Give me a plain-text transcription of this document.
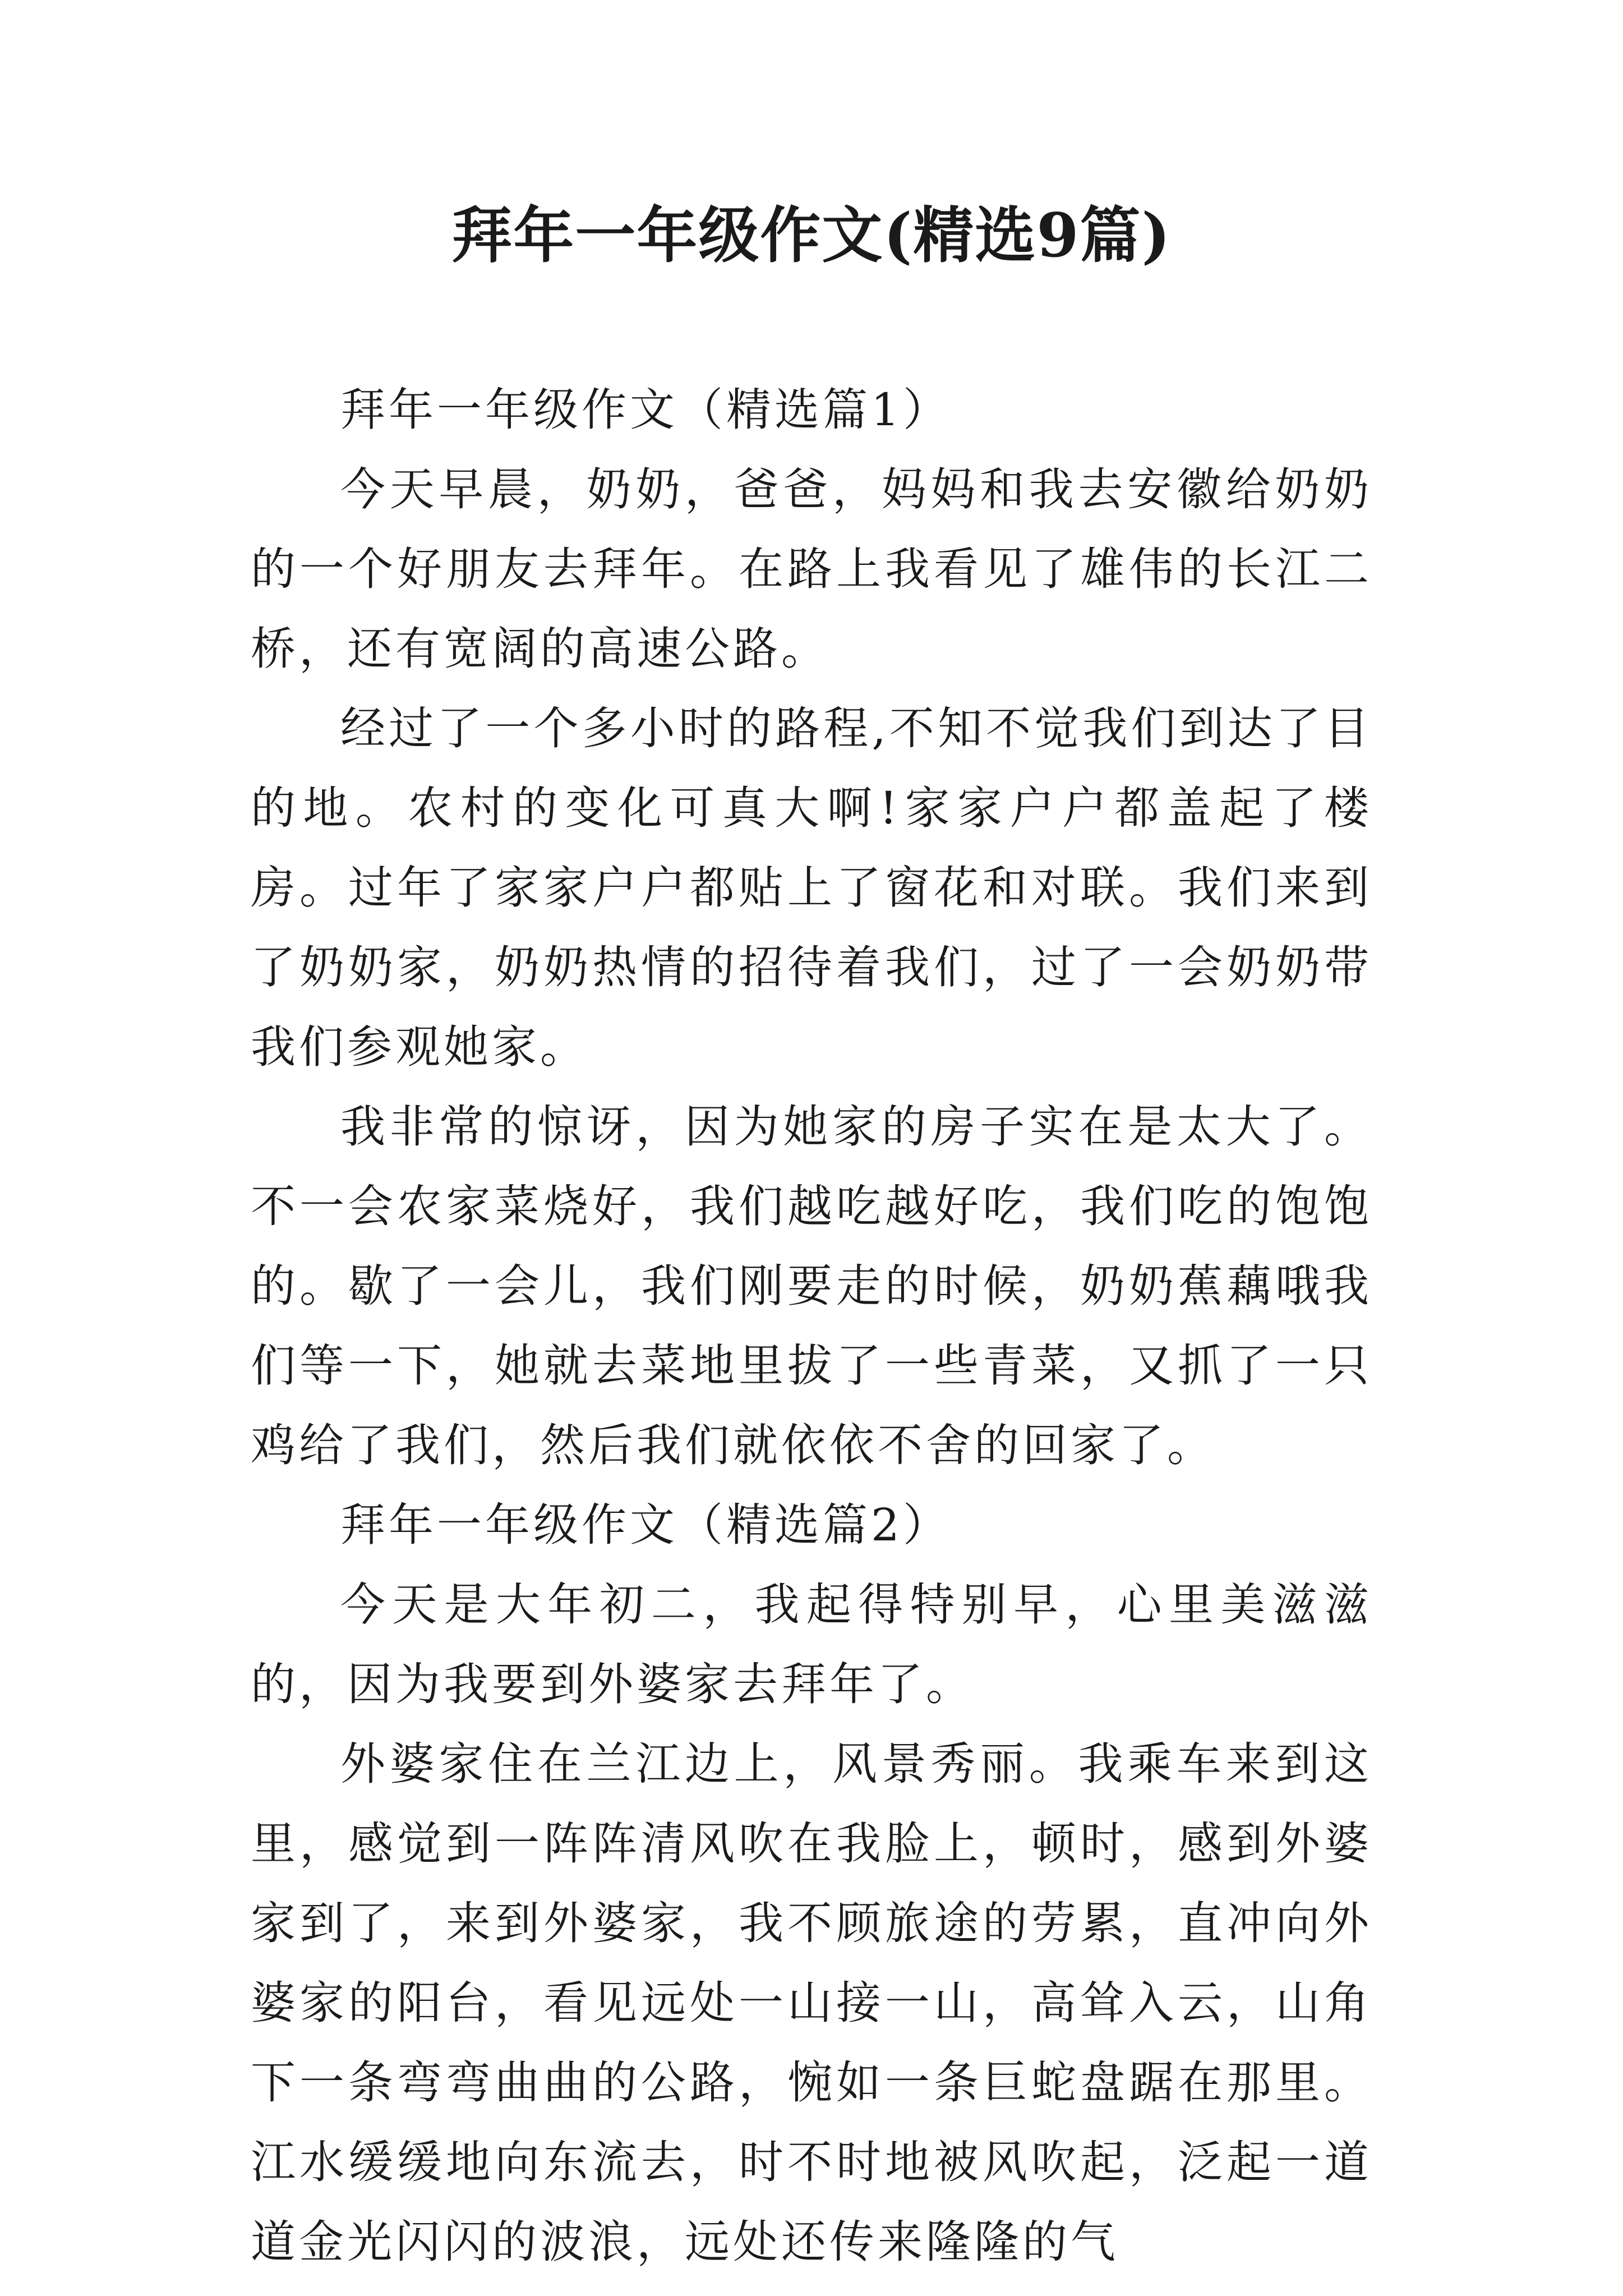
拜年一年级作文(精选9篇)

拜年一年级作文（精选篇1）

今天早晨，奶奶，爸爸，妈妈和我去安徽给奶奶的一个好朋友去拜年。在路上我看见了雄伟的长江二桥，还有宽阔的高速公路。

经过了一个多小时的路程,不知不觉我们到达了目的地。农村的变化可真大啊!家家户户都盖起了楼房。过年了家家户户都贴上了窗花和对联。我们来到了奶奶家，奶奶热情的招待着我们，过了一会奶奶带我们参观她家。

我非常的惊讶，因为她家的房子实在是太大了。不一会农家菜烧好，我们越吃越好吃，我们吃的饱饱的。歇了一会儿，我们刚要走的时候，奶奶蕉藕哦我们等一下，她就去菜地里拔了一些青菜，又抓了一只鸡给了我们，然后我们就依依不舍的回家了。

拜年一年级作文（精选篇2）

今天是大年初二，我起得特别早，心里美滋滋的，因为我要到外婆家去拜年了。

外婆家住在兰江边上，风景秀丽。我乘车来到这里，感觉到一阵阵清风吹在我脸上，顿时，感到外婆家到了，来到外婆家，我不顾旅途的劳累，直冲向外婆家的阳台，看见远处一山接一山，高耸入云，山角下一条弯弯曲曲的公路，惋如一条巨蛇盘踞在那里。江水缓缓地向东流去，时不时地被风吹起，泛起一道道金光闪闪的波浪，远处还传来隆隆的气
